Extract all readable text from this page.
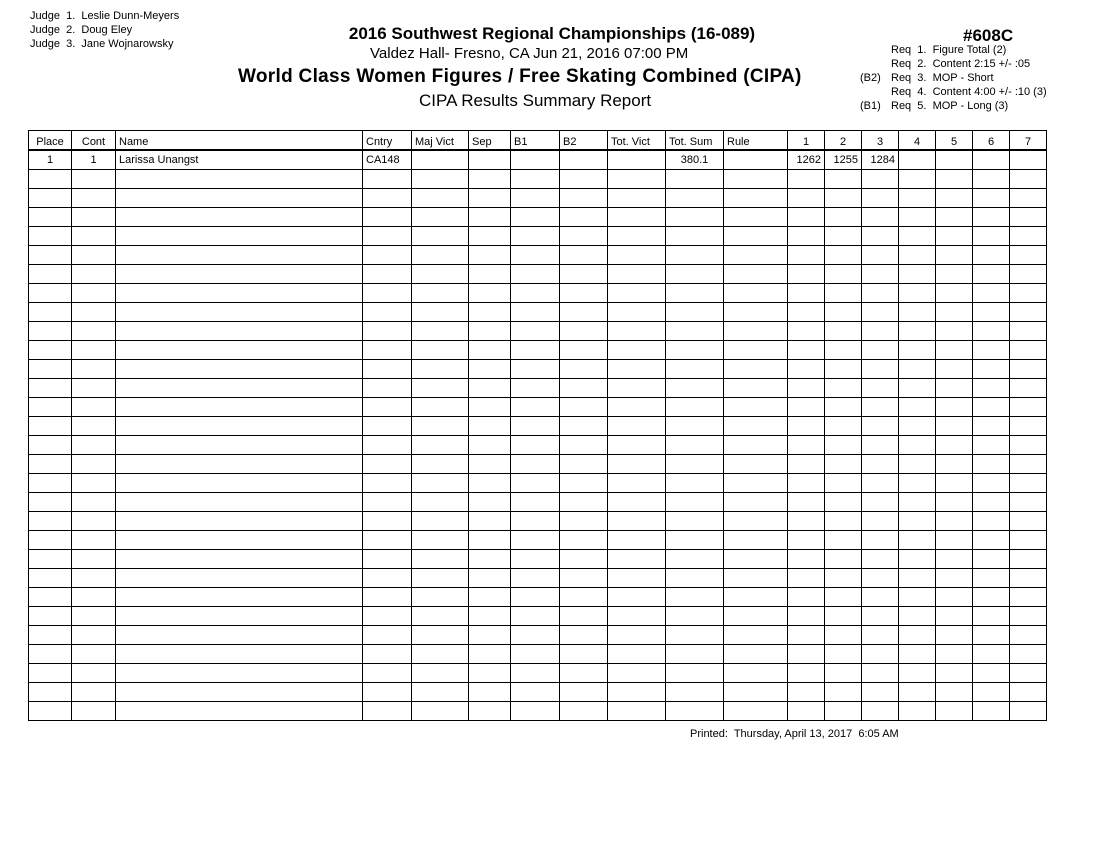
Judge  1.  Leslie Dunn-Meyers
Judge  2.  Doug Eley
Judge  3.  Jane Wojnarowsky
2016 Southwest Regional Championships (16-089)
Valdez Hall- Fresno, CA Jun 21, 2016 07:00 PM
World Class Women Figures / Free Skating Combined (CIPA)
CIPA Results Summary Report
#608C
Req  1.  Figure Total (2)
Req  2.  Content 2:15 +/- :05
(B2) Req  3.  MOP - Short
Req  4.  Content 4:00 +/- :10 (3)
(B1) Req  5.  MOP - Long (3)
Place	Cont	Name	Cntry	Maj Vict	Sep	B1	B2	Tot. Vict	Tot. Sum	Rule	1	2	3	4	5	6	7
1	1	Larissa Unangst	CA148						380.1		1262	1255	1284				

Printed:  Thursday, April 13, 2017  6:05 AM
